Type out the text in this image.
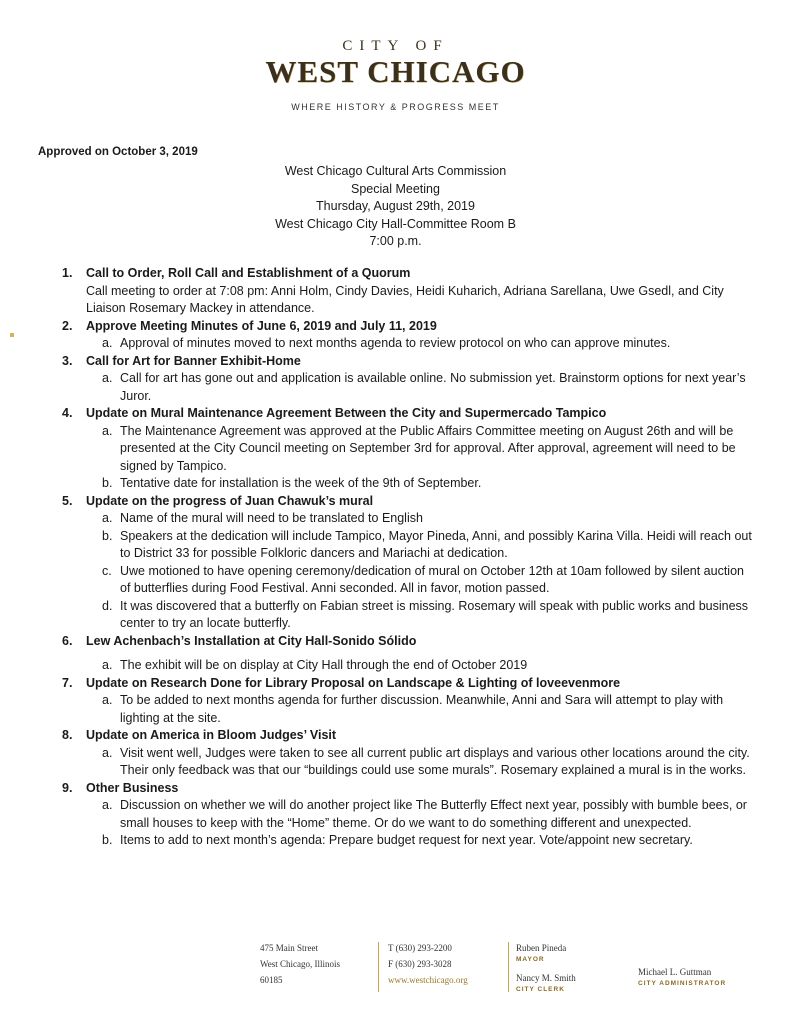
CITY OF
WEST CHICAGO
WHERE HISTORY & PROGRESS MEET
Approved on October 3, 2019
West Chicago Cultural Arts Commission
Special Meeting
Thursday, August 29th, 2019
West Chicago City Hall-Committee Room B
7:00 p.m.
1. Call to Order, Roll Call and Establishment of a Quorum
Call meeting to order at 7:08 pm: Anni Holm, Cindy Davies, Heidi Kuharich, Adriana Sarellana, Uwe Gsedl, and City Liaison Rosemary Mackey in attendance.
2. Approve Meeting Minutes of June 6, 2019 and July 11, 2019
a. Approval of minutes moved to next months agenda to review protocol on who can approve minutes.
3. Call for Art for Banner Exhibit-Home
a. Call for art has gone out and application is available online. No submission yet. Brainstorm options for next year’s Juror.
4. Update on Mural Maintenance Agreement Between the City and Supermercado Tampico
a. The Maintenance Agreement was approved at the Public Affairs Committee meeting on August 26th and will be presented at the City Council meeting on September 3rd for approval. After approval, agreement will need to be signed by Tampico.
b. Tentative date for installation is the week of the 9th of September.
5. Update on the progress of Juan Chawuk’s mural
a. Name of the mural will need to be translated to English
b. Speakers at the dedication will include Tampico, Mayor Pineda, Anni, and possibly Karina Villa. Heidi will reach out to District 33 for possible Folkloric dancers and Mariachi at dedication.
c. Uwe motioned to have opening ceremony/dedication of mural on October 12th at 10am followed by silent auction of butterflies during Food Festival. Anni seconded. All in favor, motion passed.
d. It was discovered that a butterfly on Fabian street is missing. Rosemary will speak with public works and business center to try an locate butterfly.
6. Lew Achenbach’s Installation at City Hall-Sonido Sólido
a. The exhibit will be on display at City Hall through the end of October 2019
7. Update on Research Done for Library Proposal on Landscape & Lighting of loveevenmore
a. To be added to next months agenda for further discussion. Meanwhile, Anni and Sara will attempt to play with lighting at the site.
8. Update on America in Bloom Judges’ Visit
a. Visit went well, Judges were taken to see all current public art displays and various other locations around the city. Their only feedback was that our “buildings could use some murals”. Rosemary explained a mural is in the works.
9. Other Business
a. Discussion on whether we will do another project like The Butterfly Effect next year, possibly with bumble bees, or small houses to keep with the “Home” theme. Or do we want to do something different and unexpected.
b. Items to add to next month’s agenda: Prepare budget request for next year. Vote/appoint new secretary.
475 Main Street
West Chicago, Illinois
60185
T (630) 293-2200
F (630) 293-3028
www.westchicago.org
Ruben Pineda
MAYOR
Nancy M. Smith
CITY CLERK
Michael L. Guttman
CITY ADMINISTRATOR
